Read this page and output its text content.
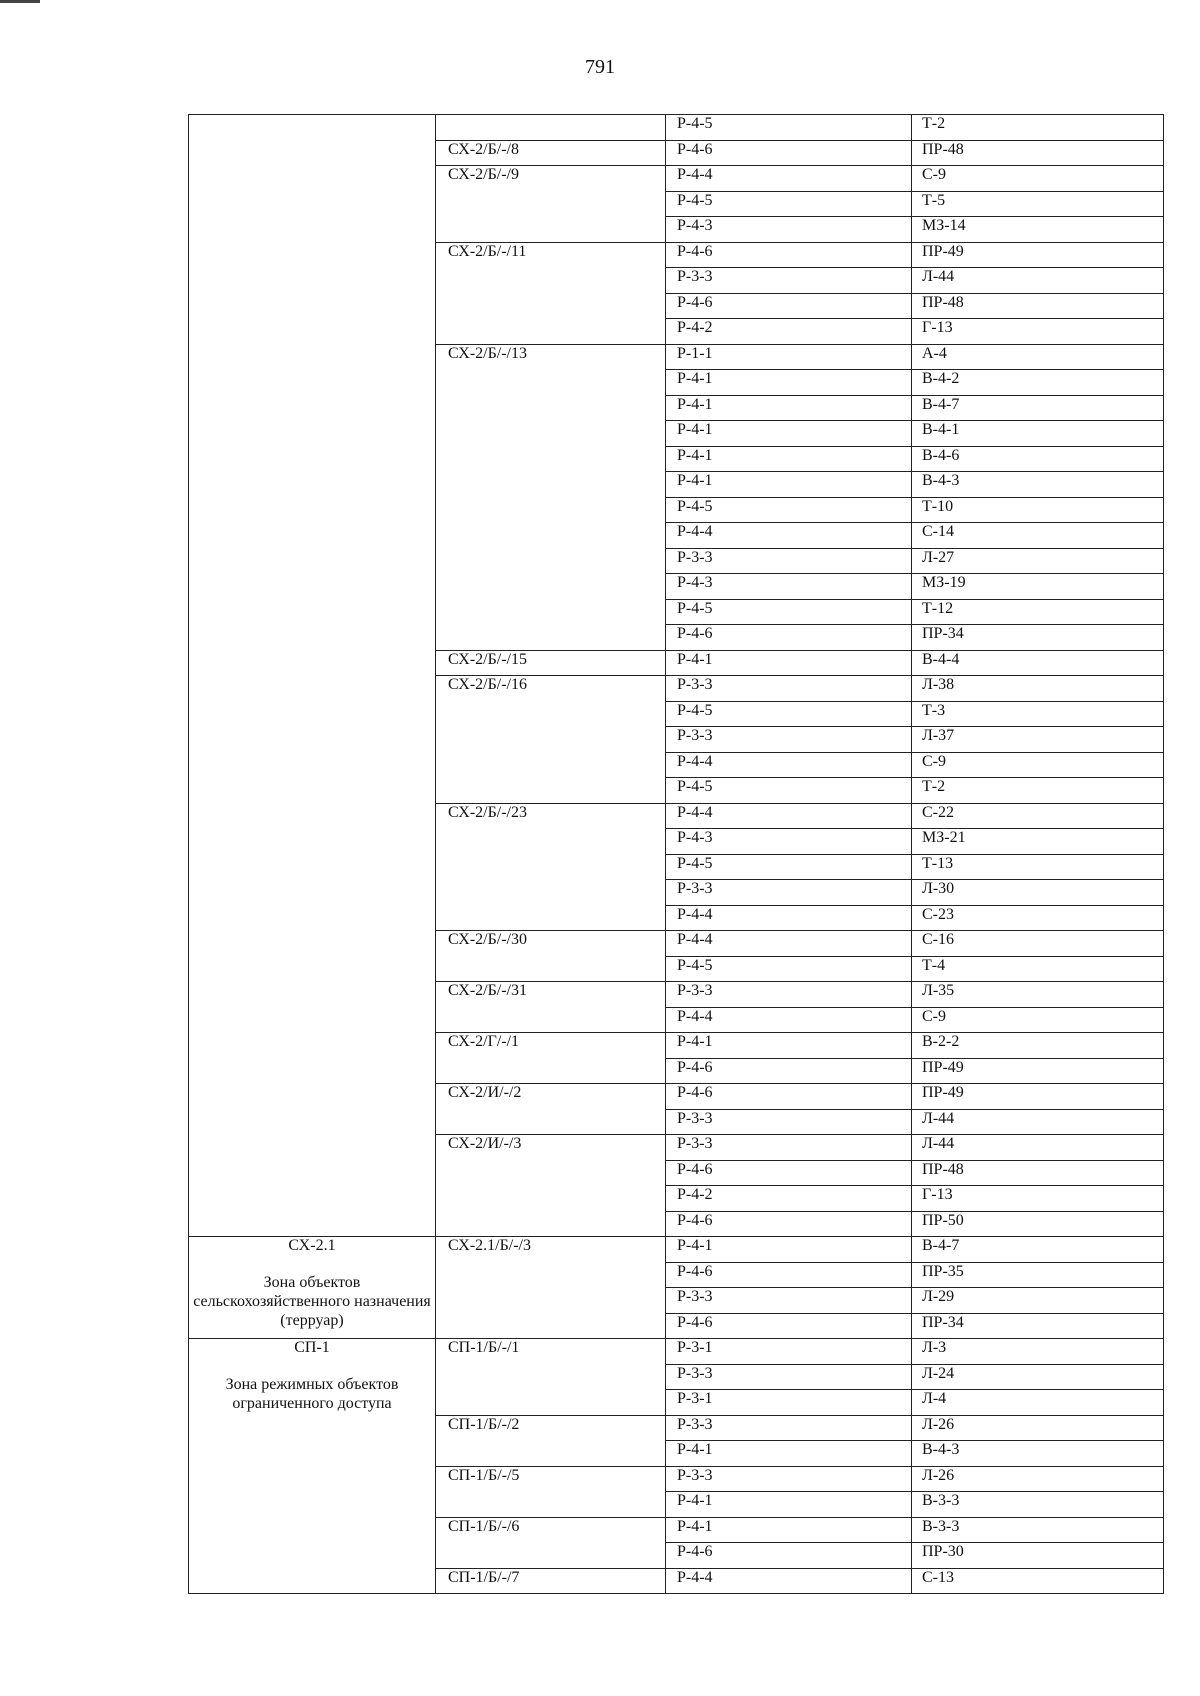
791
		Р-4-5	Т-2
	СХ-2/Б/-/8	Р-4-6	ПР-48
	СХ-2/Б/-/9	Р-4-4	С-9
		Р-4-5	Т-5
		Р-4-3	МЗ-14
	СХ-2/Б/-/11	Р-4-6	ПР-49
		Р-3-3	Л-44
		Р-4-6	ПР-48
		Р-4-2	Г-13
	СХ-2/Б/-/13	Р-1-1	А-4
		Р-4-1	В-4-2
		Р-4-1	В-4-7
		Р-4-1	В-4-1
		Р-4-1	В-4-6
		Р-4-1	В-4-3
		Р-4-5	Т-10
		Р-4-4	С-14
		Р-3-3	Л-27
		Р-4-3	МЗ-19
		Р-4-5	Т-12
		Р-4-6	ПР-34
	СХ-2/Б/-/15	Р-4-1	В-4-4
	СХ-2/Б/-/16	Р-3-3	Л-38
		Р-4-5	Т-3
		Р-3-3	Л-37
		Р-4-4	С-9
		Р-4-5	Т-2
	СХ-2/Б/-/23	Р-4-4	С-22
		Р-4-3	МЗ-21
		Р-4-5	Т-13
		Р-3-3	Л-30
		Р-4-4	С-23
	СХ-2/Б/-/30	Р-4-4	С-16
		Р-4-5	Т-4
	СХ-2/Б/-/31	Р-3-3	Л-35
		Р-4-4	С-9
	СХ-2/Г/-/1	Р-4-1	В-2-2
		Р-4-6	ПР-49
	СХ-2/И/-/2	Р-4-6	ПР-49
		Р-3-3	Л-44
	СХ-2/И/-/3	Р-3-3	Л-44
		Р-4-6	ПР-48
		Р-4-2	Г-13
		Р-4-6	ПР-50

СХ-2.1
Зона объектов сельскохозяйственного назначения (терруар)	СХ-2.1/Б/-/3	Р-4-1	В-4-7
		Р-4-6	ПР-35
		Р-3-3	Л-29
		Р-4-6	ПР-34

СП-1
Зона режимных объектов ограниченного доступа	СП-1/Б/-/1	Р-3-1	Л-3
		Р-3-3	Л-24
		Р-3-1	Л-4
	СП-1/Б/-/2	Р-3-3	Л-26
		Р-4-1	В-4-3
	СП-1/Б/-/5	Р-3-3	Л-26
		Р-4-1	В-3-3
	СП-1/Б/-/6	Р-4-1	В-3-3
		Р-4-6	ПР-30
	СП-1/Б/-/7	Р-4-4	С-13
